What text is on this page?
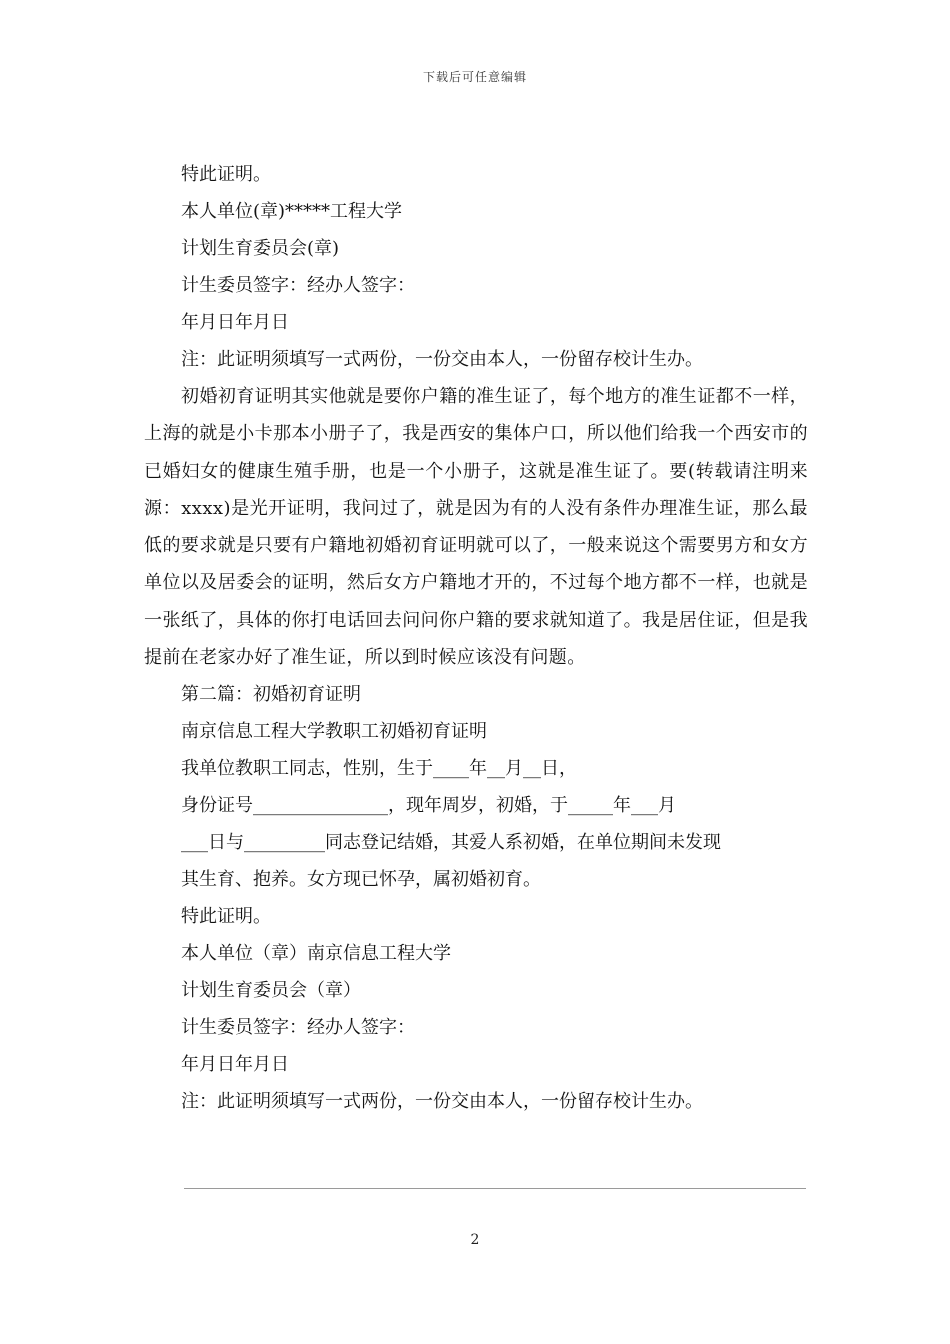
下载后可任意编辑
特此证明。
本人单位(章)*****工程大学
计划生育委员会(章)
计生委员签字：经办人签字：
年月日年月日
注：此证明须填写一式两份，一份交由本人，一份留存校计生办。
初婚初育证明其实他就是要你户籍的准生证了，每个地方的准生证都不一样，上海的就是小卡那本小册子了，我是西安的集体户口，所以他们给我一个西安市的已婚妇女的健康生殖手册，也是一个小册子，这就是准生证了。要(转载请注明来源：xxxx)是光开证明，我问过了，就是因为有的人没有条件办理准生证，那么最低的要求就是只要有户籍地初婚初育证明就可以了，一般来说这个需要男方和女方单位以及居委会的证明，然后女方户籍地才开的，不过每个地方都不一样，也就是一张纸了，具体的你打电话回去问问你户籍的要求就知道了。我是居住证，但是我提前在老家办好了准生证，所以到时候应该没有问题。
第二篇：初婚初育证明
南京信息工程大学教职工初婚初育证明
我单位教职工同志，性别，生于____年__月__日，
身份证号_______________，现年周岁，初婚，于_____年___月
___日与_________同志登记结婚，其爱人系初婚，在单位期间未发现
其生育、抱养。女方现已怀孕，属初婚初育。
特此证明。
本人单位（章）南京信息工程大学
计划生育委员会（章）
计生委员签字：经办人签字：
年月日年月日
注：此证明须填写一式两份，一份交由本人，一份留存校计生办。
2
